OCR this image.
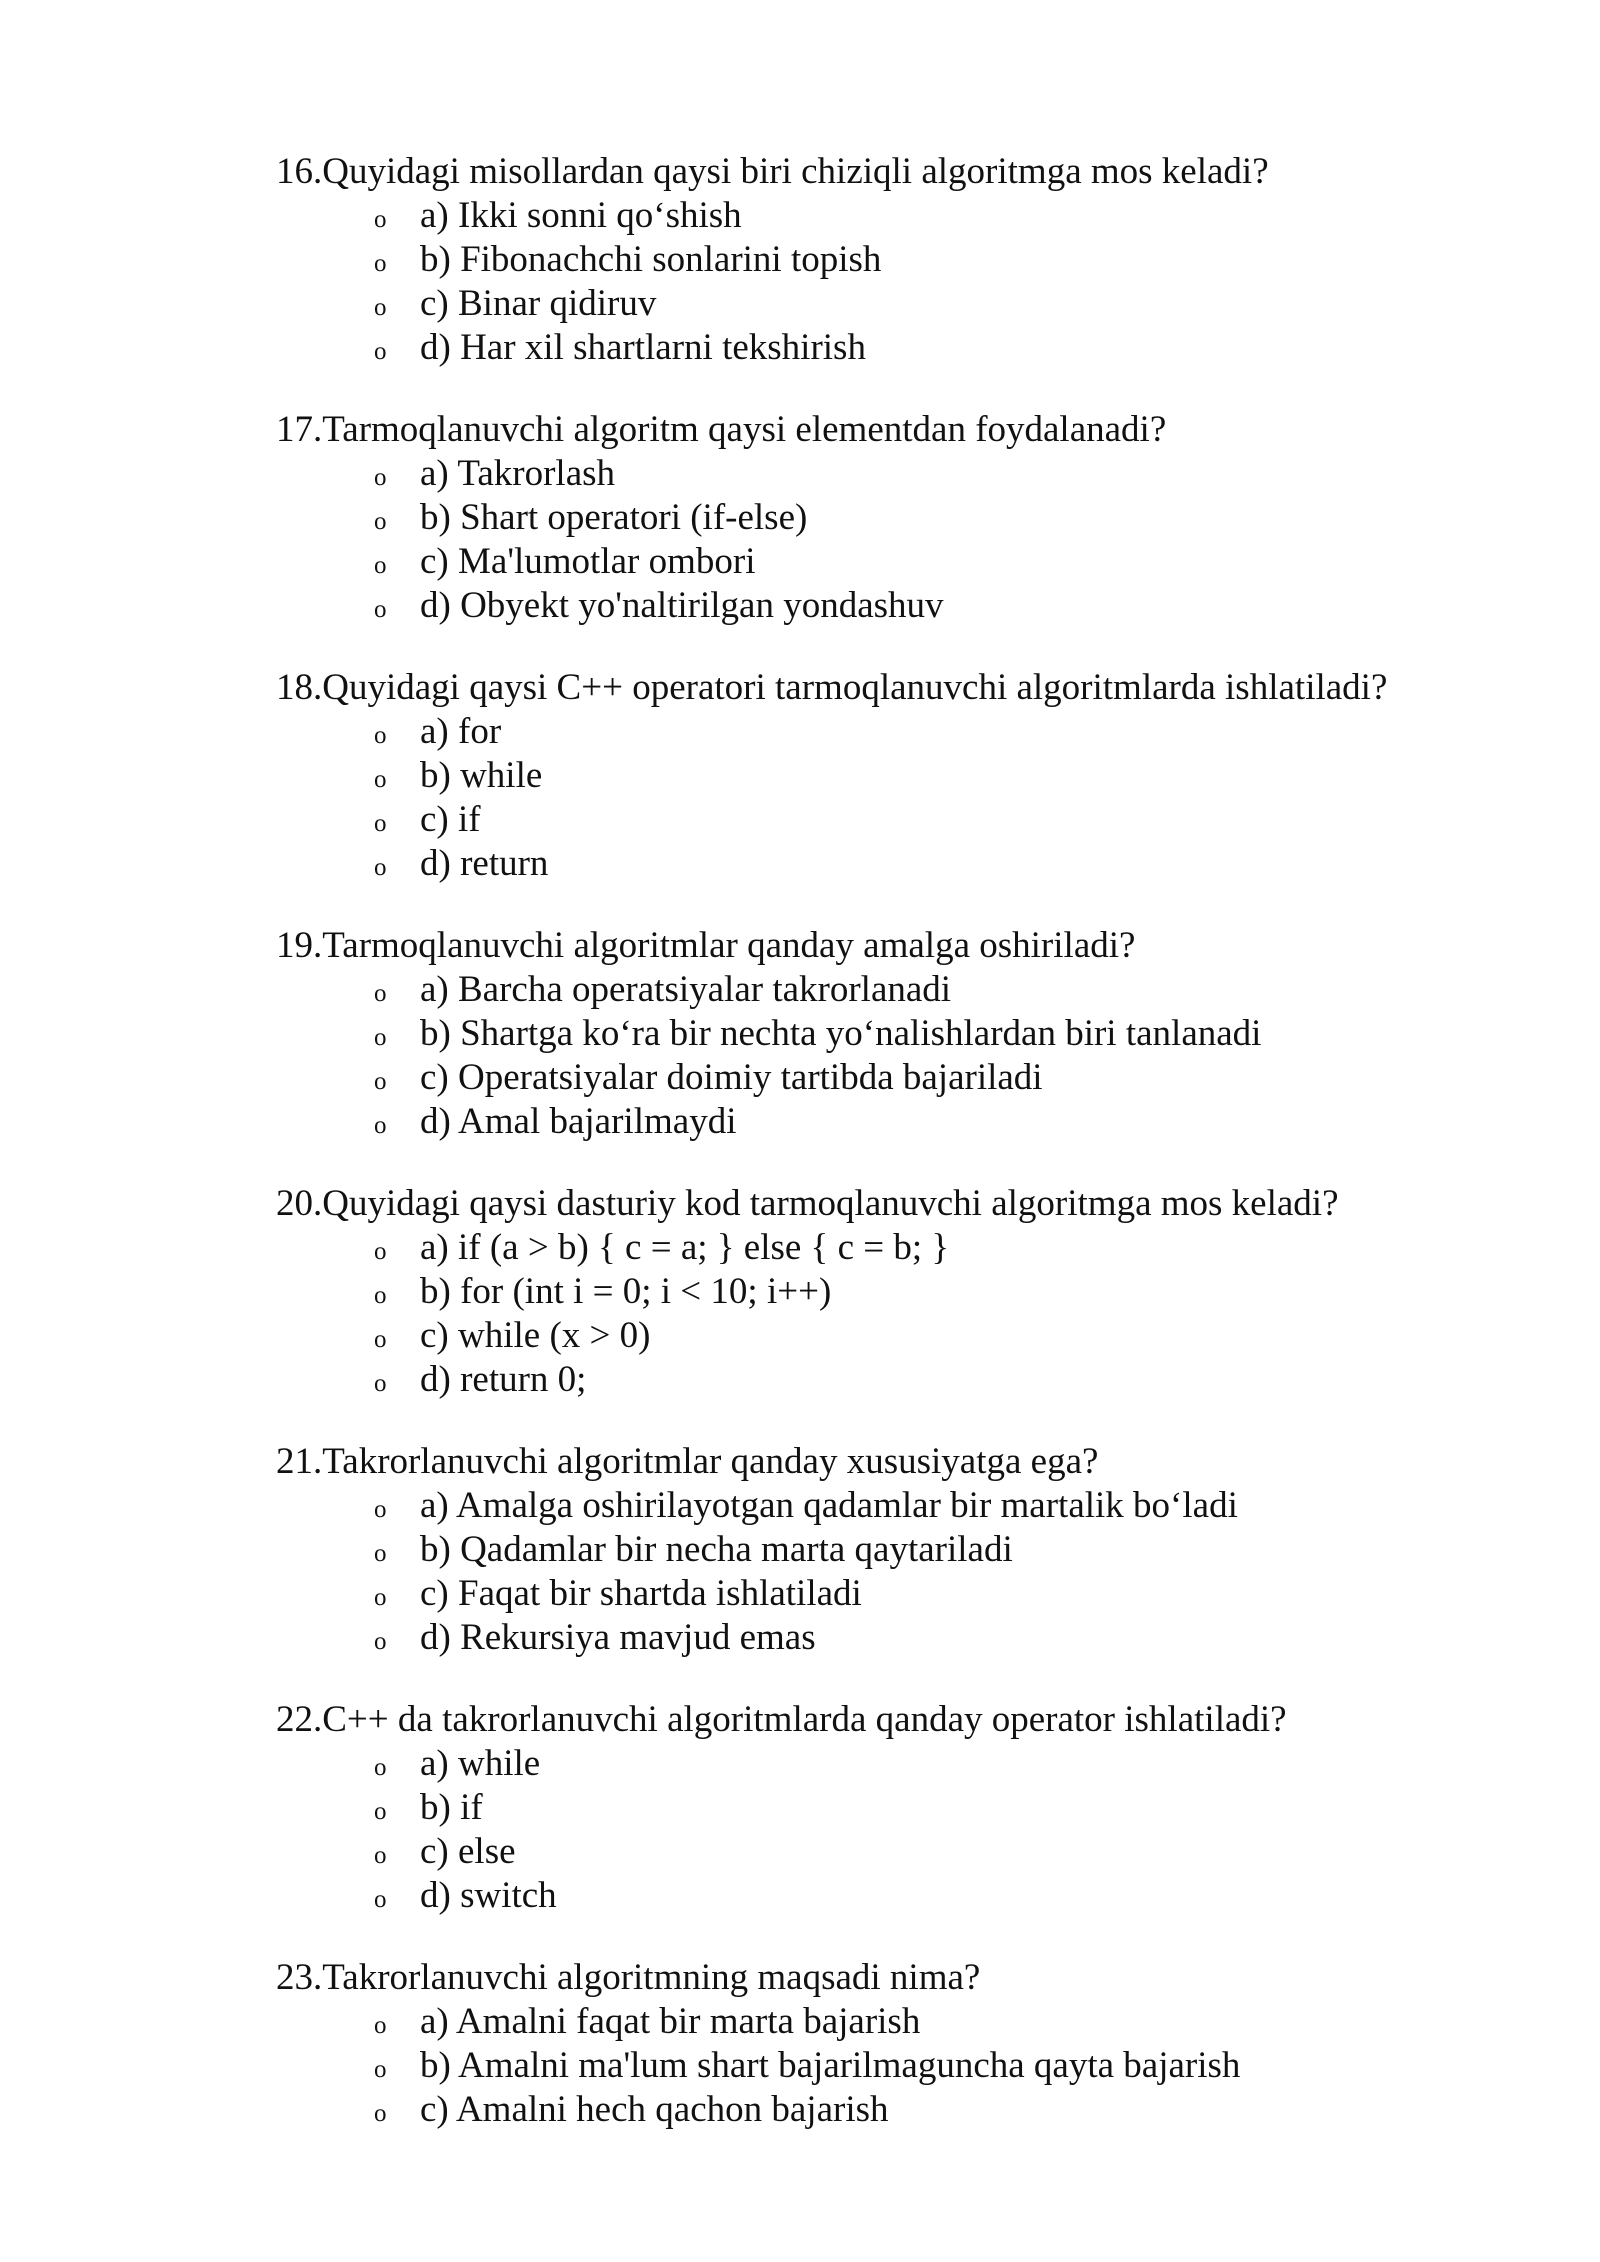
16. Quyidagi misollardan qaysi biri chiziqli algoritmga mos keladi?
o a) Ikki sonni qo‘shish
o b) Fibonachchi sonlarini topish
o c) Binar qidiruv
o d) Har xil shartlarni tekshirish
17. Tarmoqlanuvchi algoritm qaysi elementdan foydalanadi?
o a) Takrorlash
o b) Shart operatori (if-else)
o c) Ma'lumotlar ombori
o d) Obyekt yo'naltirilgan yondashuv
18. Quyidagi qaysi C++ operatori tarmoqlanuvchi algoritmlarda ishlatiladi?
o a) for
o b) while
o c) if
o d) return
19. Tarmoqlanuvchi algoritmlar qanday amalga oshiriladi?
o a) Barcha operatsiyalar takrorlanadi
o b) Shartga ko‘ra bir nechta yo‘nalishlardan biri tanlanadi
o c) Operatsiyalar doimiy tartibda bajariladi
o d) Amal bajarilmaydi
20. Quyidagi qaysi dasturiy kod tarmoqlanuvchi algoritmga mos keladi?
o a) if (a > b) { c = a; } else { c = b; }
o b) for (int i = 0; i < 10; i++)
o c) while (x > 0)
o d) return 0;
21. Takrorlanuvchi algoritmlar qanday xususiyatga ega?
o a) Amalga oshirilayotgan qadamlar bir martalik bo‘ladi
o b) Qadamlar bir necha marta qaytariladi
o c) Faqat bir shartda ishlatiladi
o d) Rekursiya mavjud emas
22. C++ da takrorlanuvchi algoritmlarda qanday operator ishlatiladi?
o a) while
o b) if
o c) else
o d) switch
23. Takrorlanuvchi algoritmning maqsadi nima?
o a) Amalni faqat bir marta bajarish
o b) Amalni ma'lum shart bajarilmaguncha qayta bajarish
o c) Amalni hech qachon bajarish
